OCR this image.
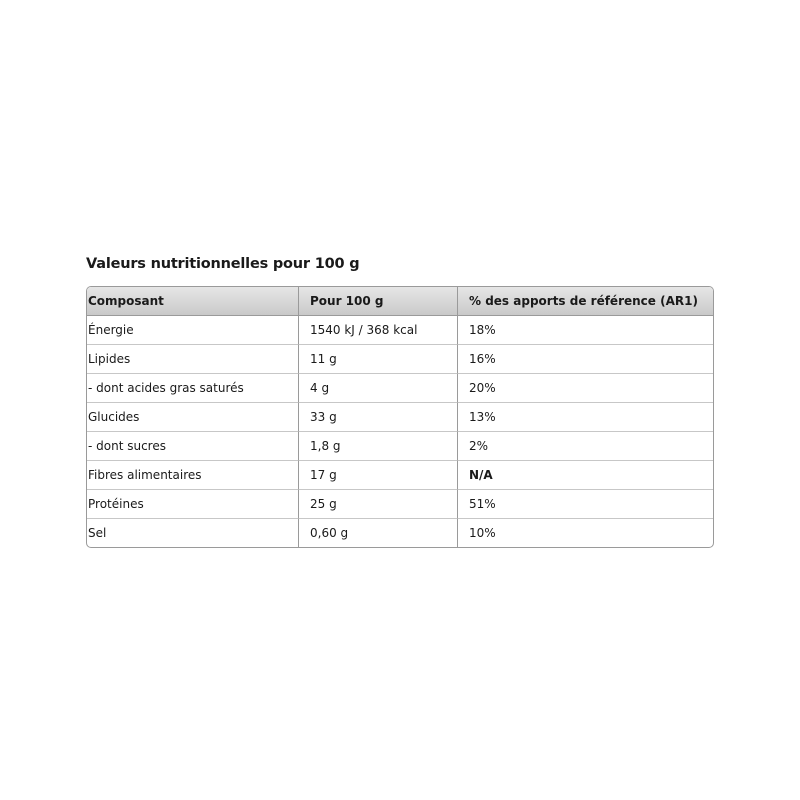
Valeurs nutritionnelles pour 100 g
Composant	Pour 100 g	% des apports de référence (AR1)
Énergie	1540 kJ / 368 kcal	18%
Lipides	11 g	16%
- dont acides gras saturés	4 g	20%
Glucides	33 g	13%
- dont sucres	1,8 g	2%
Fibres alimentaires	17 g	N/A
Protéines	25 g	51%
Sel	0,60 g	10%
